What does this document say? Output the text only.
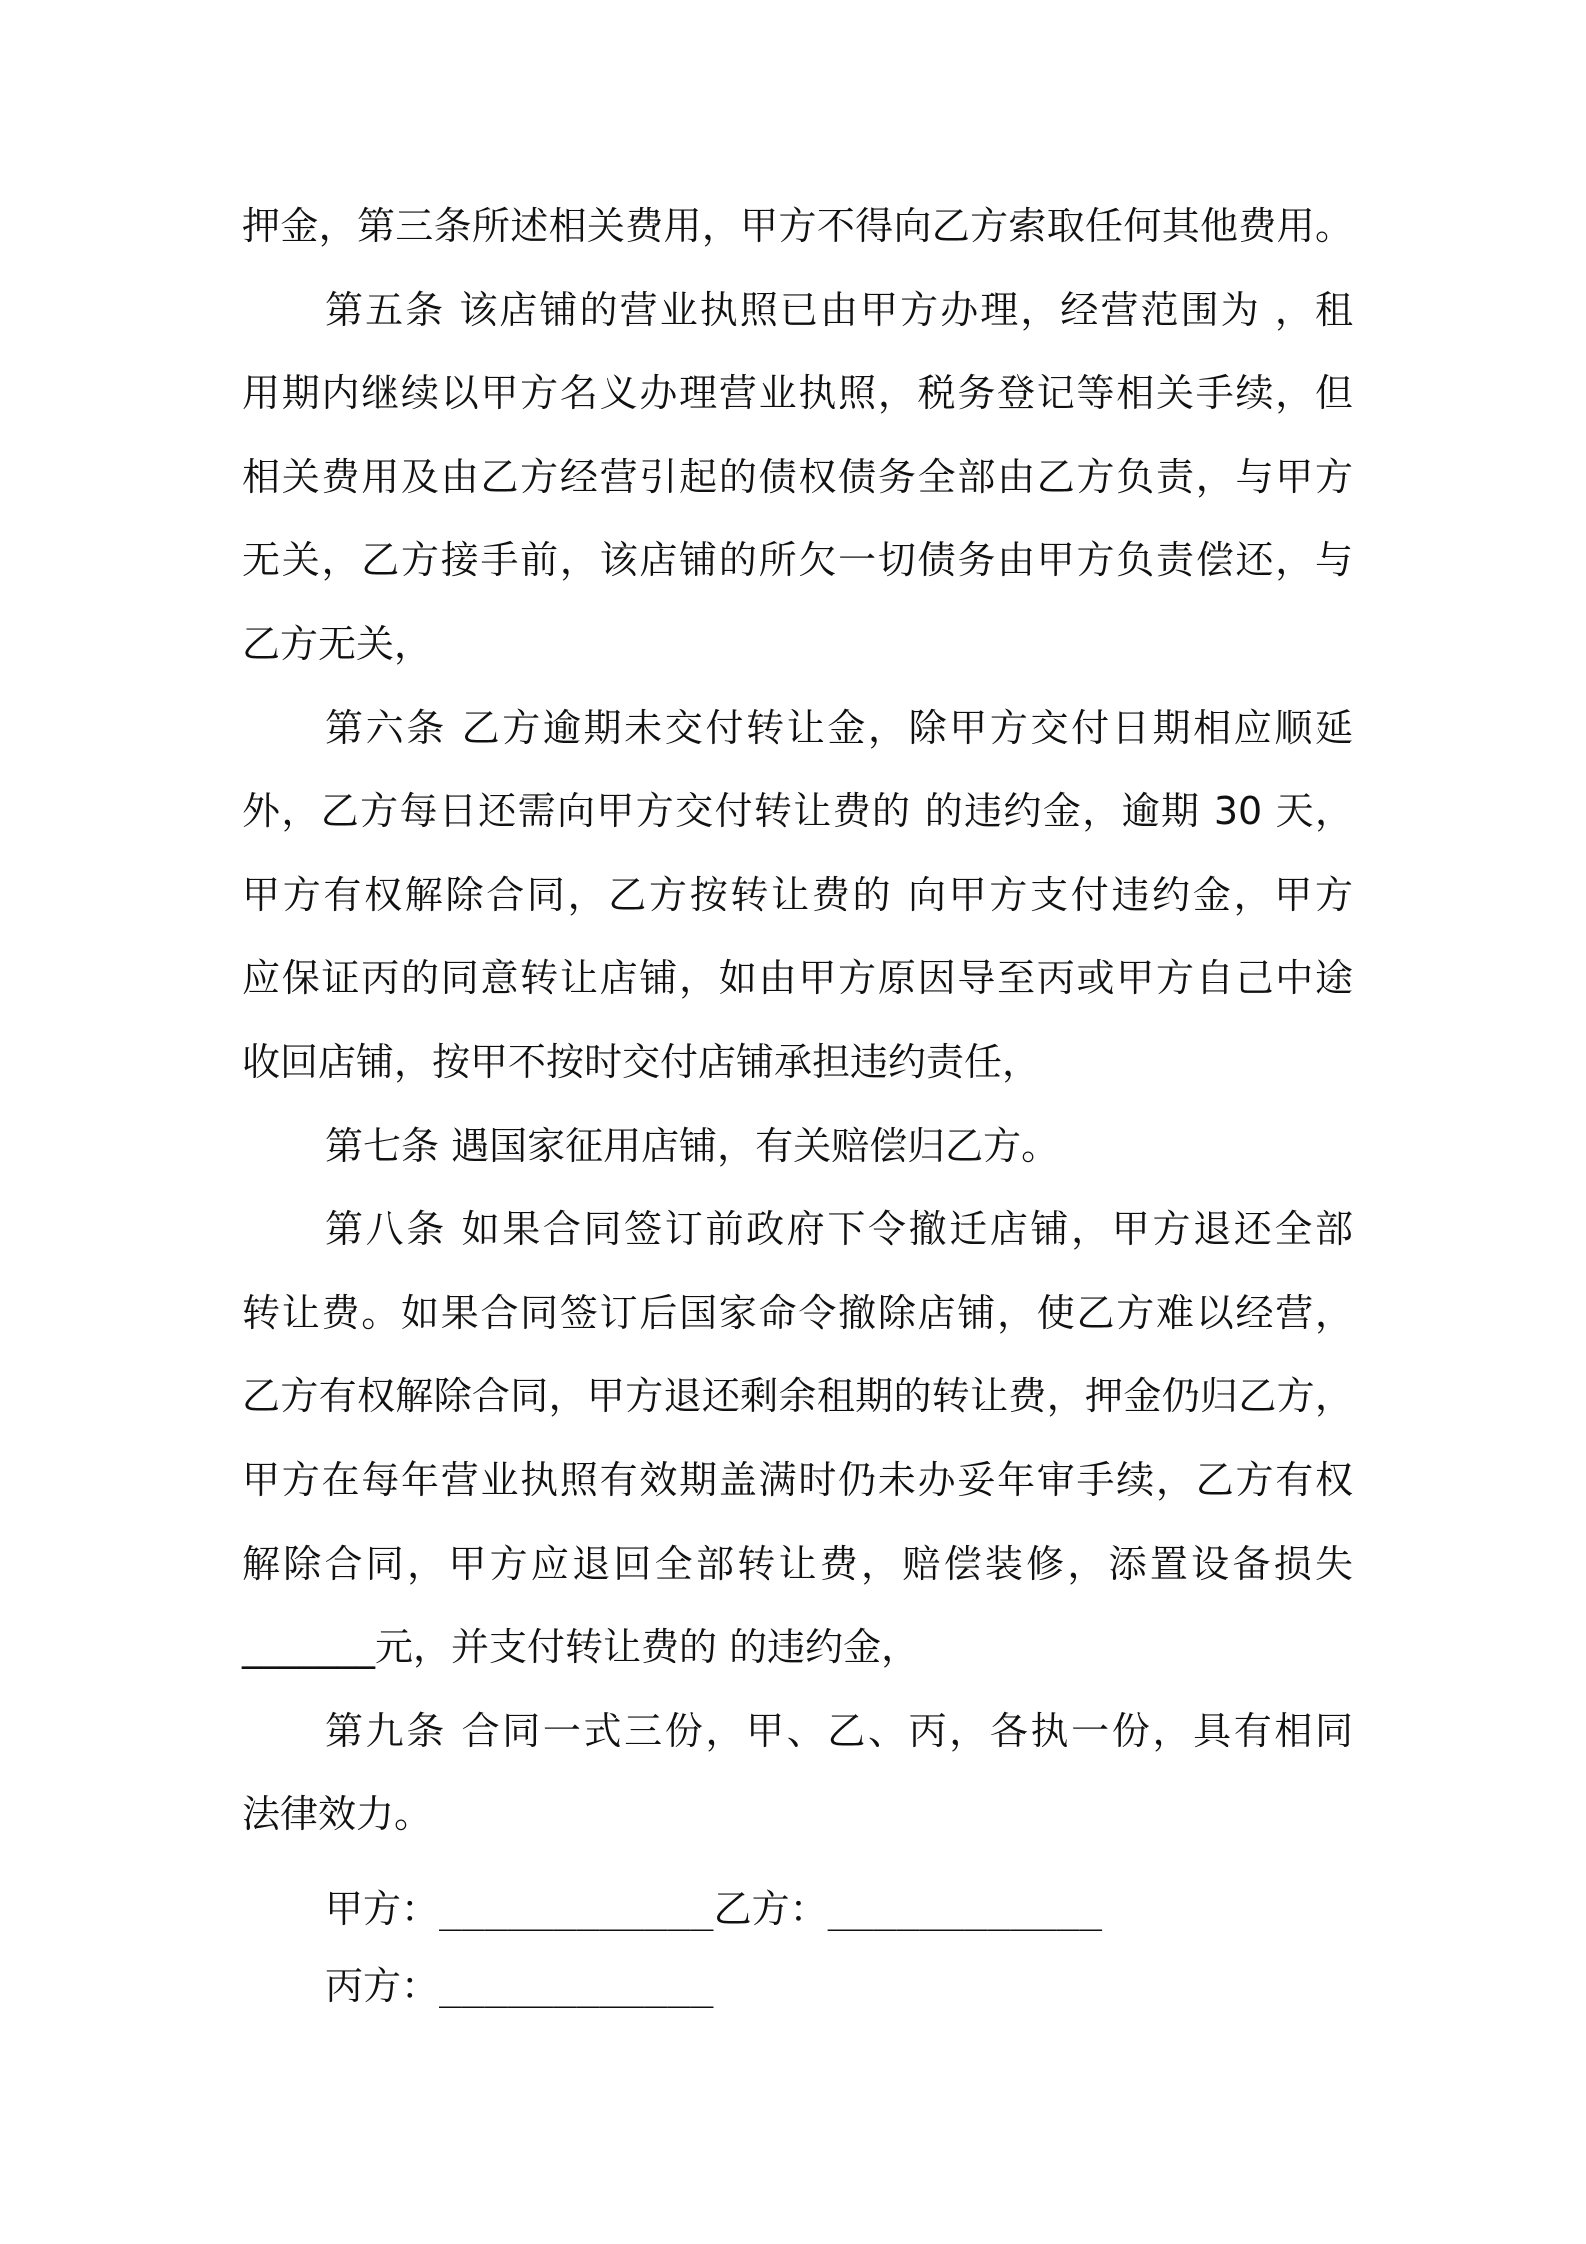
押金，第三条所述相关费用，甲方不得向乙方索取任何其他费用。
第五条 该店铺的营业执照已由甲方办理，经营范围为 ，租
用期内继续以甲方名义办理营业执照，税务登记等相关手续，但
相关费用及由乙方经营引起的债权债务全部由乙方负责，与甲方
无关，乙方接手前，该店铺的所欠一切债务由甲方负责偿还，与
乙方无关，
第六条 乙方逾期未交付转让金，除甲方交付日期相应顺延
外，乙方每日还需向甲方交付转让费的 的违约金，逾期 30 天，
甲方有权解除合同，乙方按转让费的 向甲方支付违约金，甲方
应保证丙的同意转让店铺，如由甲方原因导至丙或甲方自己中途
收回店铺，按甲不按时交付店铺承担违约责任，
第七条 遇国家征用店铺，有关赔偿归乙方。
第八条 如果合同签订前政府下令撤迁店铺，甲方退还全部
转让费。如果合同签订后国家命令撤除店铺，使乙方难以经营，
乙方有权解除合同，甲方退还剩余租期的转让费，押金仍归乙方，
甲方在每年营业执照有效期盖满时仍未办妥年审手续，乙方有权
解除合同，甲方应退回全部转让费，赔偿装修，添置设备损失
_______元，并支付转让费的 的违约金，
第九条 合同一式三份，甲、乙、丙，各执一份，具有相同
法律效力。
甲方：____________乙方：____________
丙方：____________
